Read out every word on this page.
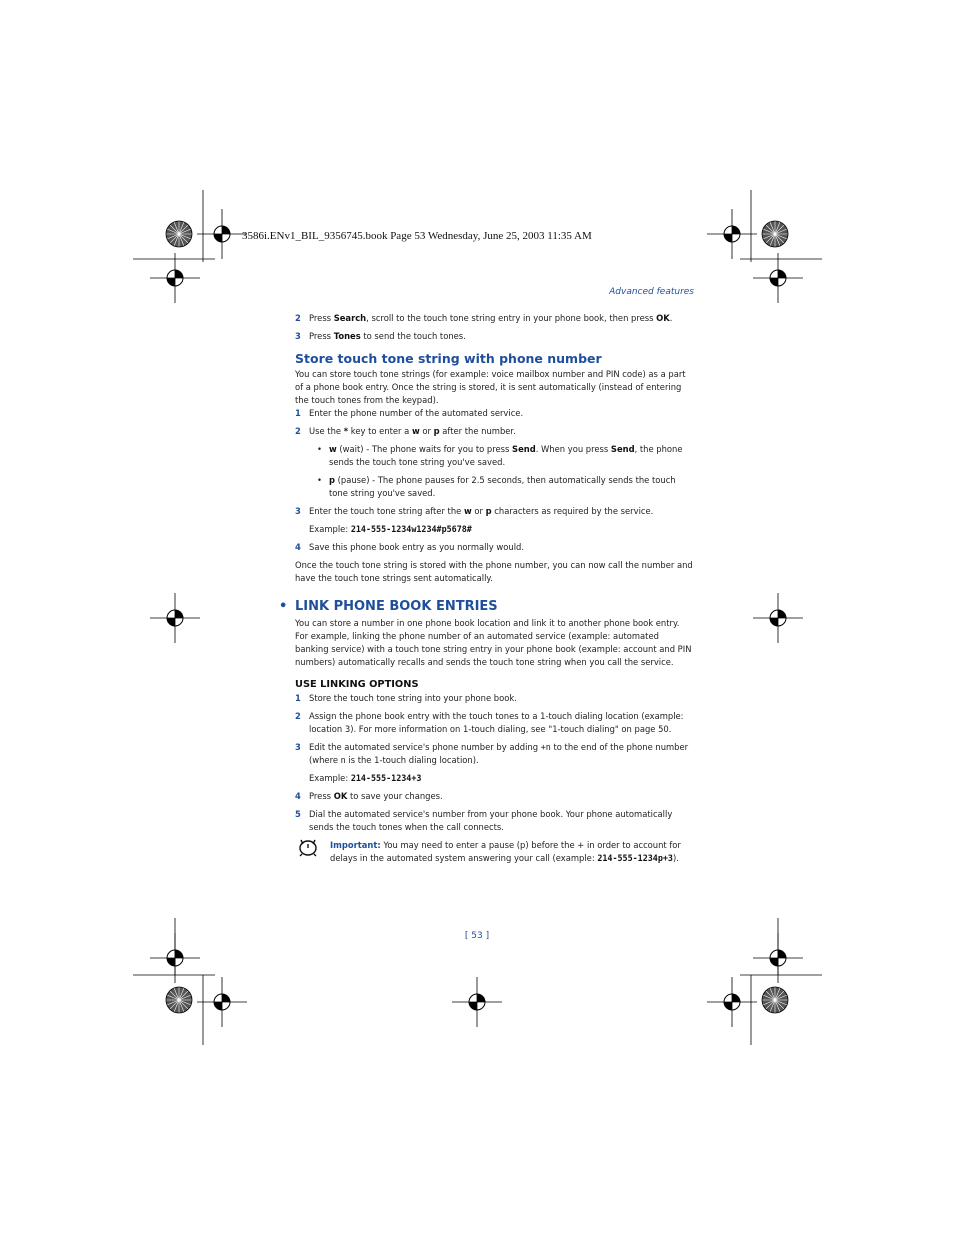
3586i.ENv1_BIL_9356745.book Page 53 Wednesday, June 25, 2003 11:35 AM
Advanced features
2 Press Search, scroll to the touch tone string entry in your phone book, then press OK.
3 Press Tones to send the touch tones.
Store touch tone string with phone number

You can store touch tone strings (for example: voice mailbox number and PIN code) as a part of a phone book entry. Once the string is stored, it is sent automatically (instead of entering the touch tones from the keypad).

1 Enter the phone number of the automated service.
2 Use the * key to enter a w or p after the number.
• w (wait) - The phone waits for you to press Send. When you press Send, the phone sends the touch tone string you've saved.
• p (pause) - The phone pauses for 2.5 seconds, then automatically sends the touch tone string you've saved.
3 Enter the touch tone string after the w or p characters as required by the service.
Example: 214-555-1234w1234#p5678#
4 Save this phone book entry as you normally would.

Once the touch tone string is stored with the phone number, you can now call the number and have the touch tone strings sent automatically.

• LINK PHONE BOOK ENTRIES

You can store a number in one phone book location and link it to another phone book entry.

For example, linking the phone number of an automated service (example: automated banking service) with a touch tone string entry in your phone book (example: account and PIN numbers) automatically recalls and sends the touch tone string when you call the service.

USE LINKING OPTIONS
1 Store the touch tone string into your phone book.
2 Assign the phone book entry with the touch tones to a 1-touch dialing location (example: location 3). For more information on 1-touch dialing, see "1-touch dialing" on page 50.
3 Edit the automated service's phone number by adding +n to the end of the phone number (where n is the 1-touch dialing location).
Example: 214-555-1234+3
4 Press OK to save your changes.
5 Dial the automated service's number from your phone book. Your phone automatically sends the touch tones when the call connects.
Important: You may need to enter a pause (p) before the + in order to account for delays in the automated system answering your call (example: 214-555-1234p+3).
[ 53 ]
